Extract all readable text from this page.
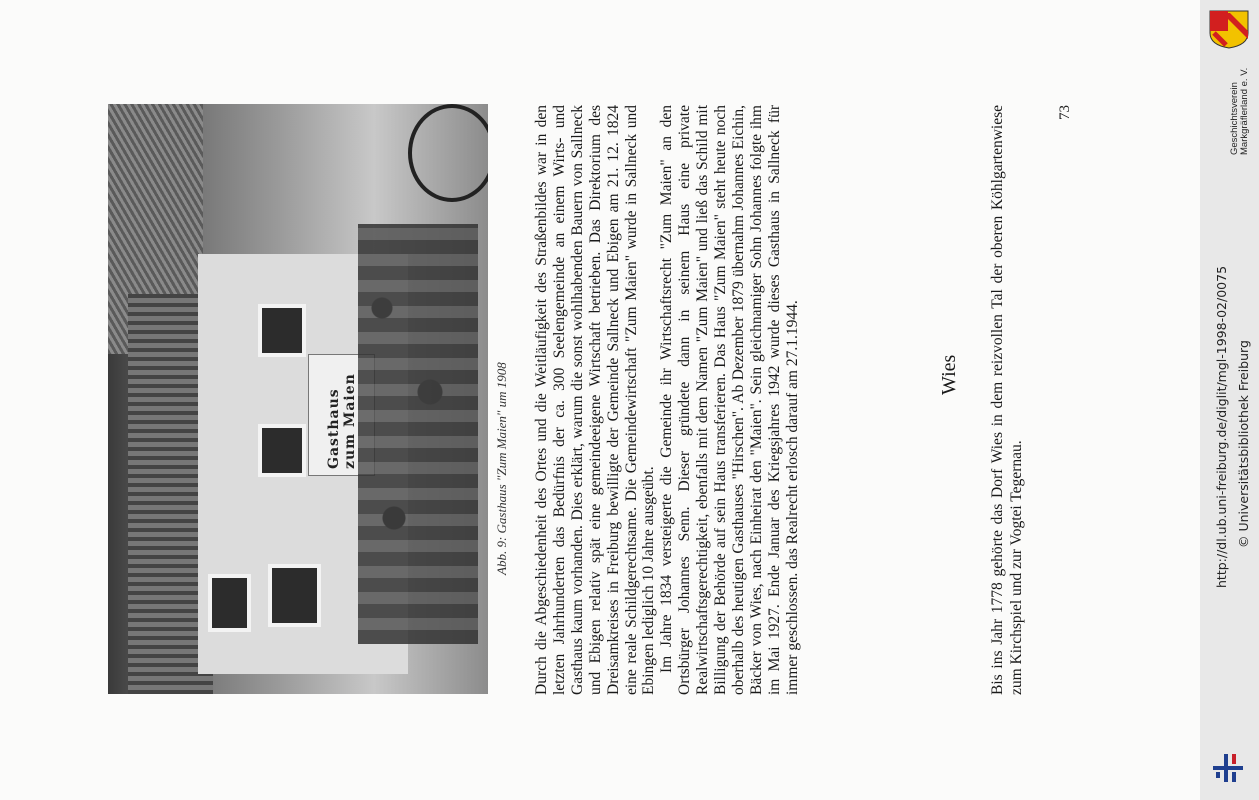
Gasthaus zum Maien	Abb. 9: Gasthaus "Zum Maien" um 1908 Durch die Abgeschiedenheit des Ortes und die Weitläufigkeit des Straßenbildes war in den letzten Jahrhunderten das Bedürfnis der ca. 300 Seelengemeinde an einem Wirts- und Gasthaus kaum vorhanden. Dies erklärt, warum die sonst wohlhabenden Bauern von Sallneck und Ebigen relativ spät eine gemeindeeigene Wirtschaft betrieben. Das Direktorium des Dreisamkreises in Freiburg bewilligte der Gemeinde Sallneck und Ebigen am 21. 12. 1824 eine reale Schildgerechtsame. Die Gemeindewirtschaft "Zum Maien" wurde in Sallneck und Ebingen lediglich 10 Jahre ausgeübt. Im Jahre 1834 versteigerte die Gemeinde ihr Wirtschaftsrecht "Zum Maien" an den Ortsbürger Johannes Senn. Dieser gründete dann in seinem Haus eine private Realwirtschaftsgerechtigkeit, ebenfalls mit dem Namen "Zum Maien" und ließ das Schild mit Billigung der Behörde auf sein Haus transferieren. Das Haus "Zum Maien" steht heute noch oberhalb des heutigen Gasthauses "Hirschen". Ab Dezember 1879 übernahm Johannes Eichin, Bäcker von Wies, nach Einheirat den "Maien". Sein gleichnamiger Sohn Johannes folgte ihm im Mai 1927. Ende Januar des Kriegsjahres 1942 wurde dieses Gasthaus in Sallneck für immer geschlossen. das Realrecht erlosch darauf am 27.1.1944.	Wies Bis ins Jahr 1778 gehörte das Dorf Wies in dem reizvollen Tal der oberen Köhlgartenwiese zum Kirchspiel und zur Vogtei Tegernau.
73	Geschichtsverein Markgräflerland e. V.
© Universitätsbibliothek Freiburg
http://dl.ub.uni-freiburg.de/diglit/mgl-1998-02/0075
